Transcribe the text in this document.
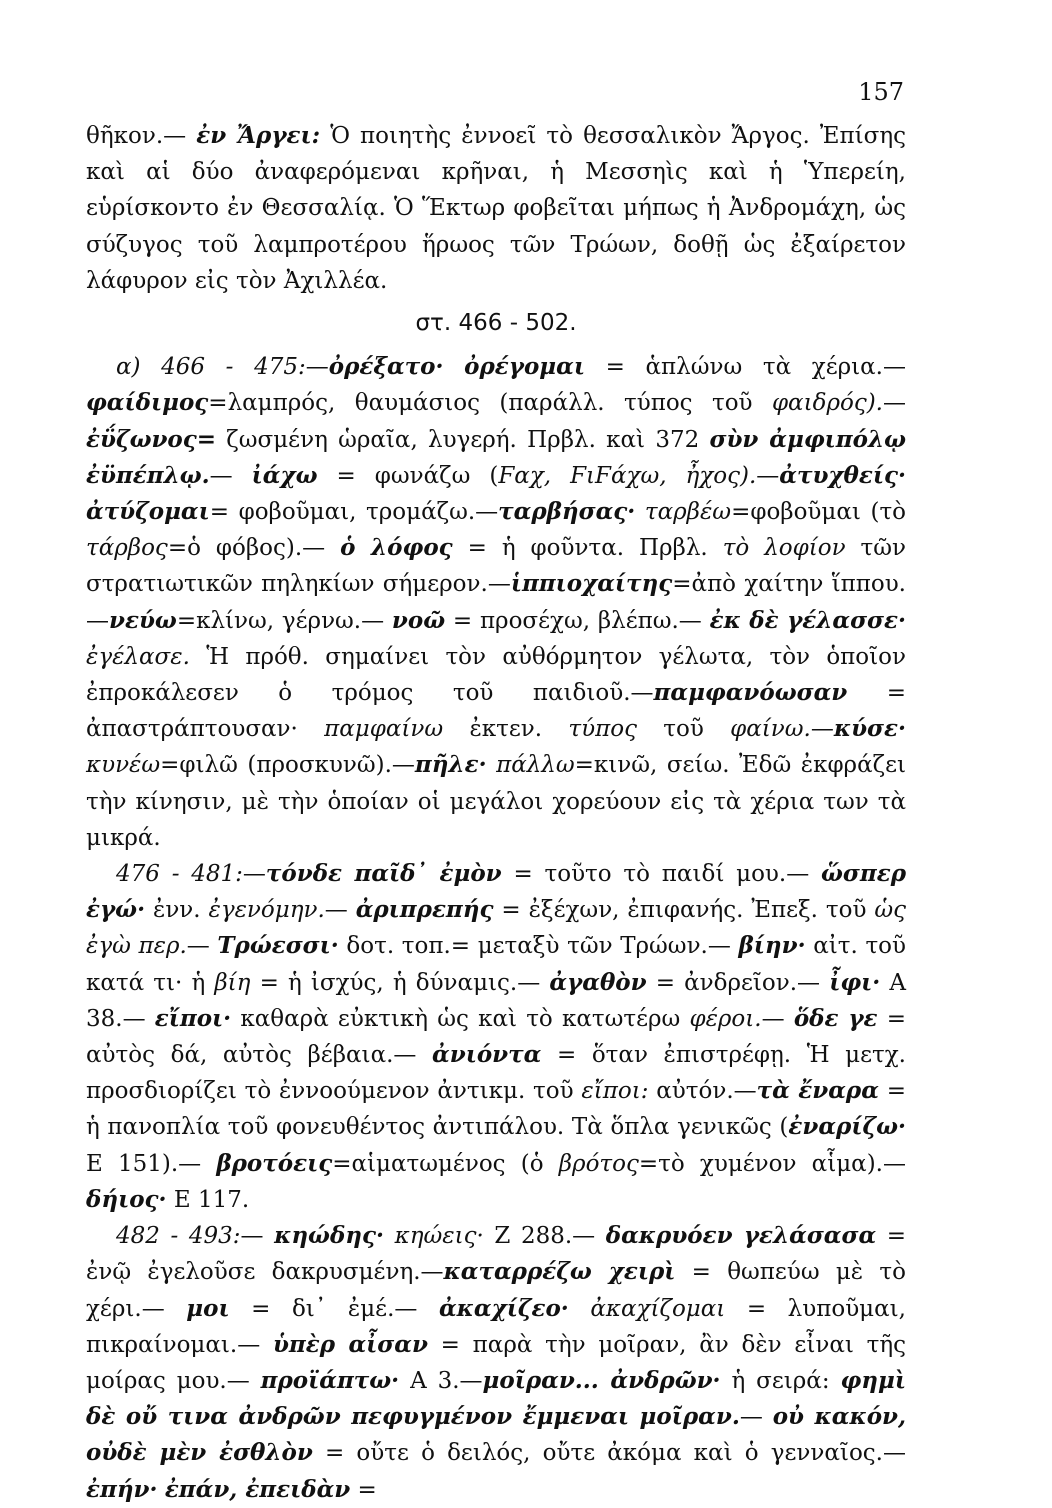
157

θῆκον.— ἐν Ἄργει: Ὁ ποιητὴς ἐννοεῖ τὸ θεσσαλικὸν Ἄργος. Ἐπίσης καὶ αἱ δύο ἀναφερόμεναι κρῆναι, ἡ Μεσσηὶς καὶ ἡ Ὑπερείη, εὑρίσκοντο ἐν Θεσσαλίᾳ. Ὁ Ἕκτωρ φοβεῖται μήπως ἡ Ἀνδρομάχη, ὡς σύζυγος τοῦ λαμπροτέρου ἥρωος τῶν Τρώων, δοθῇ ὡς ἐξαίρετον λάφυρον εἰς τὸν Ἀχιλλέα.

στ. 466 - 502.

α) 466 - 475:—ὀρέξατο· ὀρέγομαι = ἁπλώνω τὰ χέρια.—φαίδιμος=λαμπρός, θαυμάσιος (παράλλ. τύπος τοῦ φαιδρός).—ἐΰζωνος= ζωσμένη ὡραῖα, λυγερή. Πρβλ. καὶ 372 σὺν ἀμφιπόλῳ ἐϋπέπλῳ.— ἰάχω = φωνάζω (Ϝαχ, ϜιϜάχω, ἦχος).—ἀτυχθείς· ἀτύζομαι= φοβοῦμαι, τρομάζω.—ταρβήσας· ταρβέω=φοβοῦμαι (τὸ τάρβος=ὁ φόβος).— ὁ λόφος = ἡ φοῦντα. Πρβλ. τὸ λοφίον τῶν στρατιωτικῶν πηληκίων σήμερον.—ἱππιοχαίτης=ἀπὸ χαίτην ἵππου.—νεύω=κλίνω, γέρνω.— νοῶ = προσέχω, βλέπω.— ἐκ δὲ γέλασσε· ἐγέλασε. Ἡ πρόθ. σημαίνει τὸν αὐθόρμητον γέλωτα, τὸν ὁποῖον ἐπροκάλεσεν ὁ τρόμος τοῦ παιδιοῦ.—παμφανόωσαν = ἀπαστράπτουσαν· παμφαίνω ἐκτεν. τύπος τοῦ φαίνω.—κύσε· κυνέω=φιλῶ (προσκυνῶ).—πῆλε· πάλλω=κινῶ, σείω. Ἐδῶ ἐκφράζει τὴν κίνησιν, μὲ τὴν ὁποίαν οἱ μεγάλοι χορεύουν εἰς τὰ χέρια των τὰ μικρά.

476 - 481:—τόνδε παῖδ᾽ ἐμὸν = τοῦτο τὸ παιδί μου.— ὥσπερ ἐγώ· ἐνν. ἐγενόμην.— ἀριπρεπής = ἐξέχων, ἐπιφανής. Ἐπεξ. τοῦ ὡς ἐγὼ περ.— Τρώεσσι· δοτ. τοπ.= μεταξὺ τῶν Τρώων.— βίην· αἰτ. τοῦ κατά τι· ἡ βίη = ἡ ἰσχύς, ἡ δύναμις.— ἀγαθὸν = ἀνδρεῖον.— ἶφι· Α 38.— εἴποι· καθαρὰ εὐκτικὴ ὡς καὶ τὸ κατωτέρω φέροι.— ὅδε γε = αὐτὸς δά, αὐτὸς βέβαια.— ἀνιόντα = ὅταν ἐπιστρέφῃ. Ἡ μετχ. προσδιορίζει τὸ ἐννοούμενον ἀντικμ. τοῦ εἴποι: αὐτόν.—τὰ ἔναρα = ἡ πανοπλία τοῦ φονευθέντος ἀντιπάλου. Τὰ ὅπλα γενικῶς (ἐναρίζω· Ε 151).— βροτόεις=αἱματωμένος (ὁ βρότος=τὸ χυμένον αἷμα).—δήιος· Ε 117.

482 - 493:— κηώδης· κηώεις· Ζ 288.— δακρυόεν γελάσασα = ἐνῷ ἐγελοῦσε δακρυσμένη.—καταρρέζω χειρὶ = θωπεύω μὲ τὸ χέρι.— μοι = δι᾽ ἐμέ.— ἀκαχίζεο· ἀκαχίζομαι = λυποῦμαι, πικραίνομαι.— ὑπὲρ αἶσαν = παρὰ τὴν μοῖραν, ἂν δὲν εἶναι τῆς μοίρας μου.— προϊάπτω· Α 3.—μοῖραν... ἀνδρῶν· ἡ σειρά: φημὶ δὲ οὔ τινα ἀνδρῶν πεφυγμένον ἔμμεναι μοῖραν.— οὐ κακόν, οὐδὲ μὲν ἐσθλὸν = οὔτε ὁ δειλός, οὔτε ἀκόμα καὶ ὁ γενναῖος.— ἐπήν· ἐπάν, ἐπειδὰν =
